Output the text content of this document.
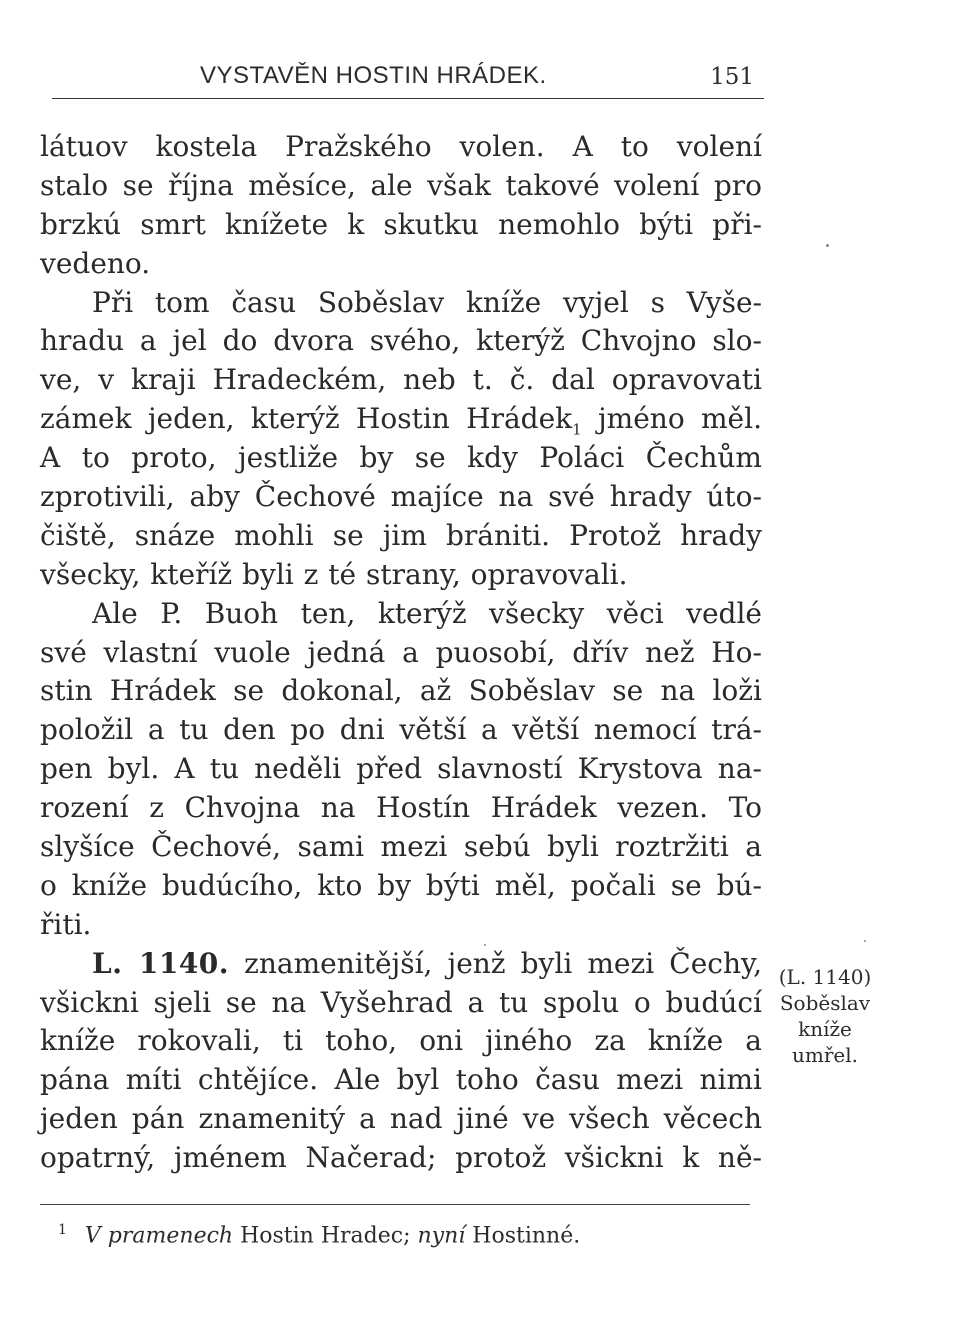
VYSTAVĚN HOSTIN HRÁDEK.	151
látuov kostela Pražského volen. A to volení
stalo se října měsíce, ale však takové volení pro
brzkú smrt knížete k skutku nemohlo býti při-
vedeno.
Při tom času Soběslav kníže vyjel s Vyše-
hradu a jel do dvora svého, kterýž Chvojno slo-
ve, v kraji Hradeckém, neb t. č. dal opravovati
zámek jeden, kterýž Hostin Hrádek$_1$ jméno měl.
A to proto, jestliže by se kdy Poláci Čechům
zprotivili, aby Čechové majíce na své hrady úto-
čiště, snáze mohli se jim brániti. Protož hrady
všecky, kteříž byli z té strany, opravovali.
Ale P. Buoh ten, kterýž všecky věci vedlé
své vlastní vuole jedná a puosobí, dřív než Ho-
stin Hrádek se dokonal, až Soběslav se na loži
položil a tu den po dni větší a větší nemocí trá-
pen byl. A tu neděli před slavností Krystova na-
rození z Chvojna na Hostín Hrádek vezen. To
slyšíce Čechové, sami mezi sebú byli roztržiti a
o kníže budúcího, kto by býti měl, počali se bú-
řiti.
L. 1140. znamenitější, jenž byli mezi Čechy,
všickni sjeli se na Vyšehrad a tu spolu o budúcí
kníže rokovali, ti toho, oni jiného za kníže a
pána míti chtějíce. Ale byl toho času mezi nimi
jeden pán znamenitý a nad jiné ve všech věcech
opatrný, jménem Načerad; protož všickni k ně-
(L. 1140)
Soběslav
kníže
umřel.
$^1$ V pramenech Hostin Hradec; nyní Hostinné.
